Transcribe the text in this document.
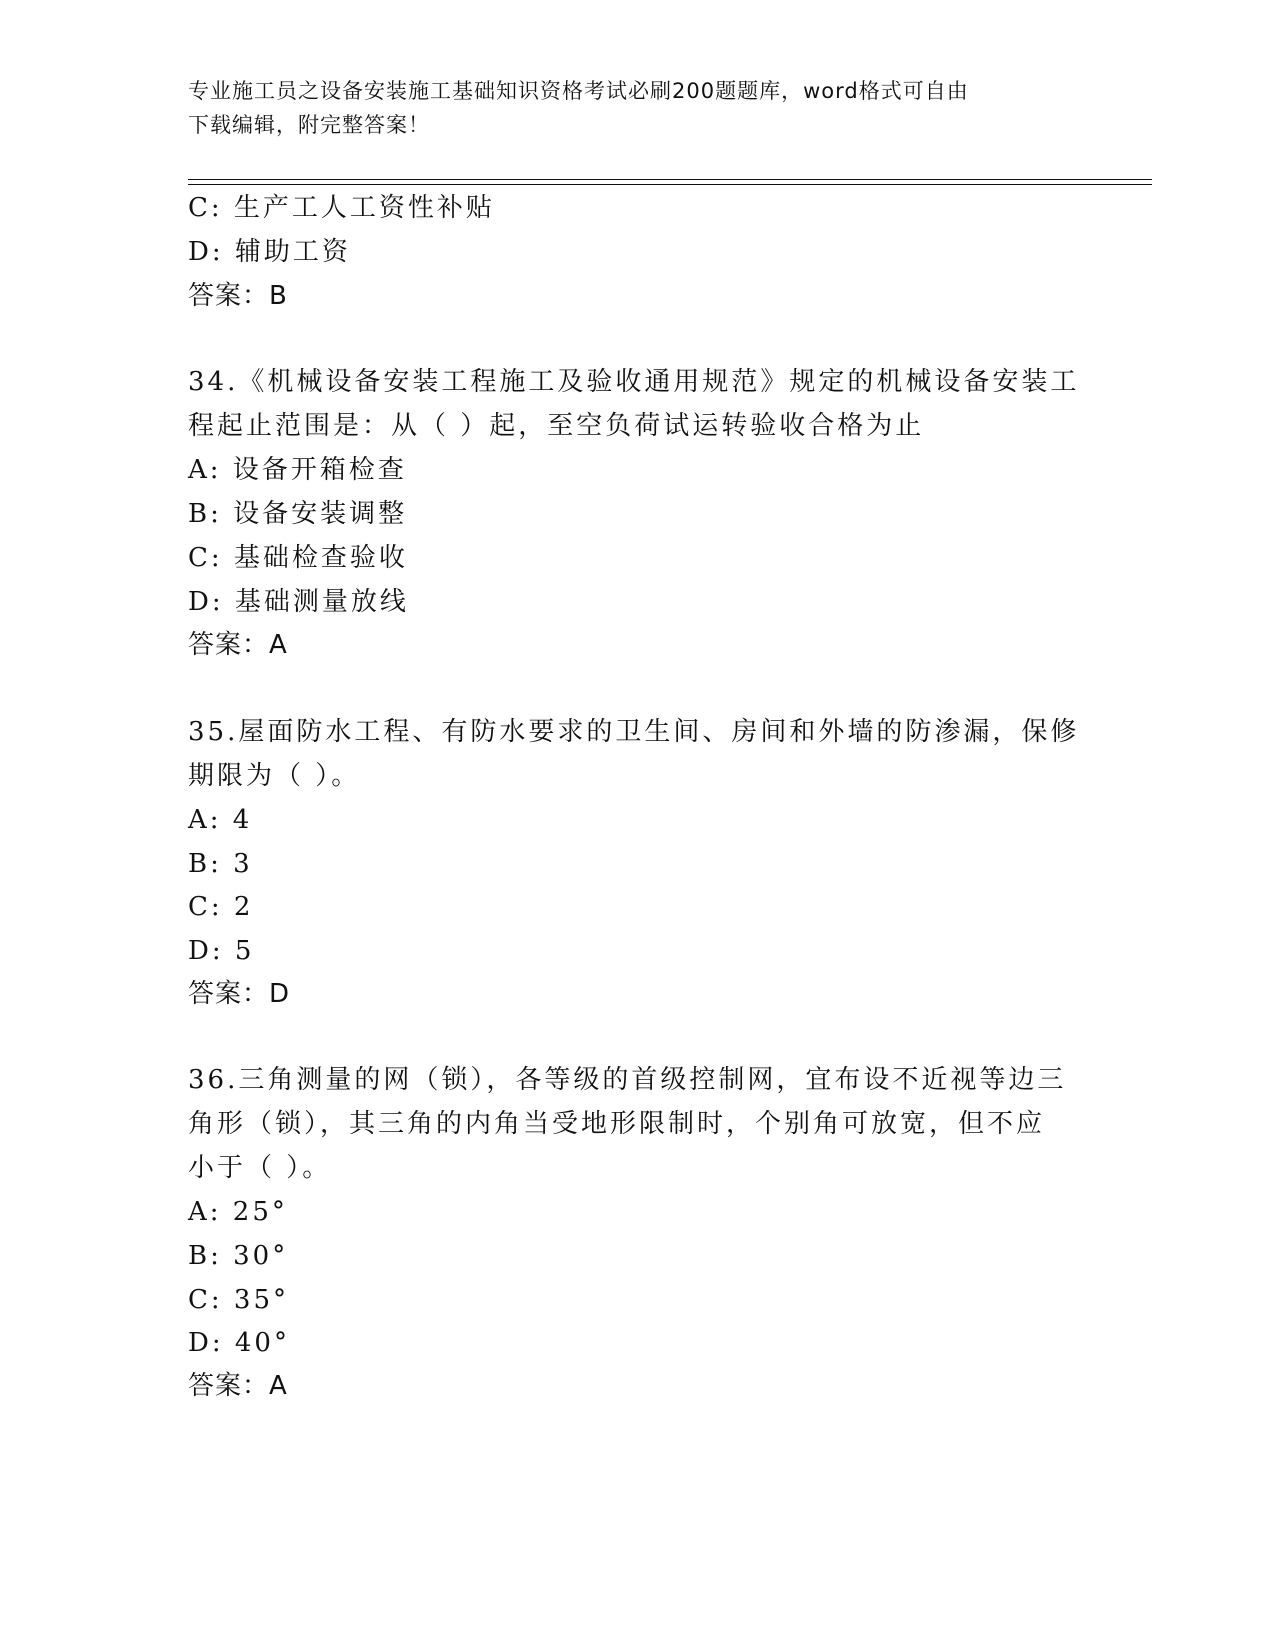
专业施工员之设备安装施工基础知识资格考试必刷200题题库，word格式可自由
下载编辑，附完整答案！
C: 生产工人工资性补贴
D: 辅助工资
答案：B
34.《机械设备安装工程施工及验收通用规范》规定的机械设备安装工
程起止范围是：从（ ）起，至空负荷试运转验收合格为止
A: 设备开箱检查
B: 设备安装调整
C: 基础检查验收
D: 基础测量放线
答案：A
35.屋面防水工程、有防水要求的卫生间、房间和外墙的防渗漏，保修
期限为（ ）。
A: 4
B: 3
C: 2
D: 5
答案：D
36.三角测量的网（锁），各等级的首级控制网，宜布设不近视等边三
角形（锁），其三角的内角当受地形限制时，个别角可放宽，但不应
小于（ ）。
A: 25°
B: 30°
C: 35°
D: 40°
答案：A
